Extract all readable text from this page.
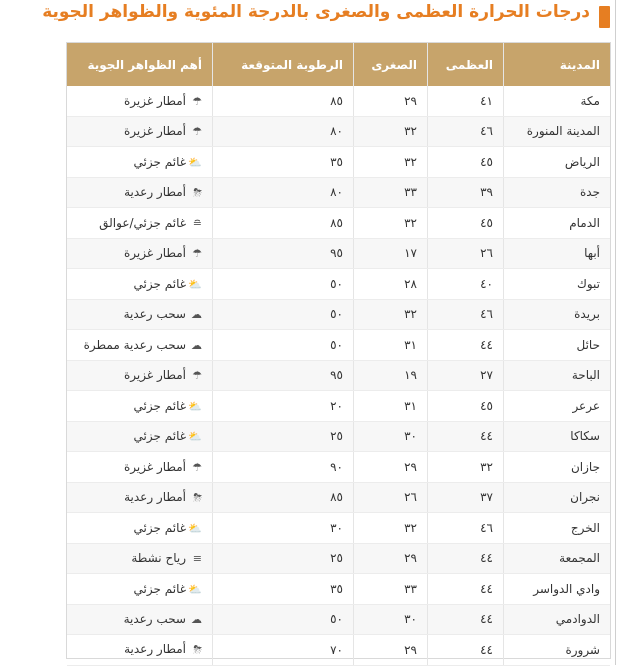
درجات الحرارة العظمى والصغرى بالدرجة المئوية والظواهر الجوية
المدينة	العظمى	الصغرى	الرطوبة المتوقعة	أهم الظواهر الجوية
مكة	٤١	٢٩	٨٥	☂أمطار غزيرة
المدينة المنورة	٤٦	٣٢	٨٠	☂أمطار غزيرة
الرياض	٤٥	٣٢	٣٥	⛅غائم جزئي
جدة	٣٩	٣٣	٨٠	⛈أمطار رعدية
الدمام	٤٥	٣٢	٨٥	≘غائم جزئي/عوالق
أبها	٢٦	١٧	٩٥	☂أمطار غزيرة
تبوك	٤٠	٢٨	٥٠	⛅غائم جزئي
بريدة	٤٦	٣٢	٥٠	☁سحب رعدية
حائل	٤٤	٣١	٥٠	☁سحب رعدية ممطرة
الباحة	٢٧	١٩	٩٥	☂أمطار غزيرة
عرعر	٤٥	٣١	٢٠	⛅غائم جزئي
سكاكا	٤٤	٣٠	٢٥	⛅غائم جزئي
جازان	٣٢	٢٩	٩٠	☂أمطار غزيرة
نجران	٣٧	٢٦	٨٥	⛈أمطار رعدية
الخرج	٤٦	٣٢	٣٠	⛅غائم جزئي
المجمعة	٤٤	٢٩	٢٥	≡رياح نشطة
وادي الدواسر	٤٤	٣٣	٣٥	⛅غائم جزئي
الدوادمي	٤٤	٣٠	٥٠	☁سحب رعدية
شرورة	٤٤	٢٩	٧٠	⛈أمطار رعدية
